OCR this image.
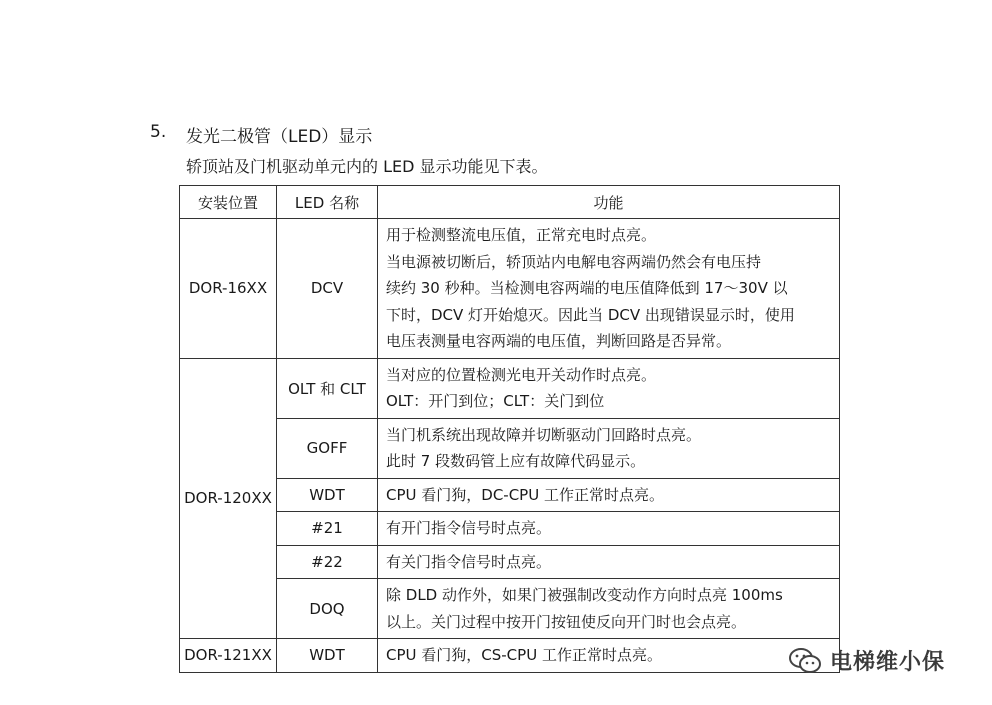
5.	发光二极管（LED）显示
轿顶站及门机驱动单元内的 LED 显示功能见下表。
安装位置	LED 名称	功能
DOR-16XX	DCV	用于检测整流电压值，正常充电时点亮。
当电源被切断后，轿顶站内电解电容两端仍然会有电压持
续约 30 秒种。当检测电容两端的电压值降低到 17～30V 以
下时，DCV 灯开始熄灭。因此当 DCV 出现错误显示时，使用
电压表测量电容两端的电压值，判断回路是否异常。

DOR-120XX	OLT 和 CLT	当对应的位置检测光电开关动作时点亮。
OLT：开门到位；CLT：关门到位

	GOFF	当门机系统出现故障并切断驱动门回路时点亮。
此时 7 段数码管上应有故障代码显示。

	WDT	CPU 看门狗，DC-CPU 工作正常时点亮。

	#21	有开门指令信号时点亮。

	#22	有关门指令信号时点亮。

	DOQ	除 DLD 动作外，如果门被强制改变动作方向时点亮 100ms
以上。关门过程中按开门按钮使反向开门时也会点亮。

DOR-121XX	WDT	CPU 看门狗，CS-CPU 工作正常时点亮。	电梯维小保
